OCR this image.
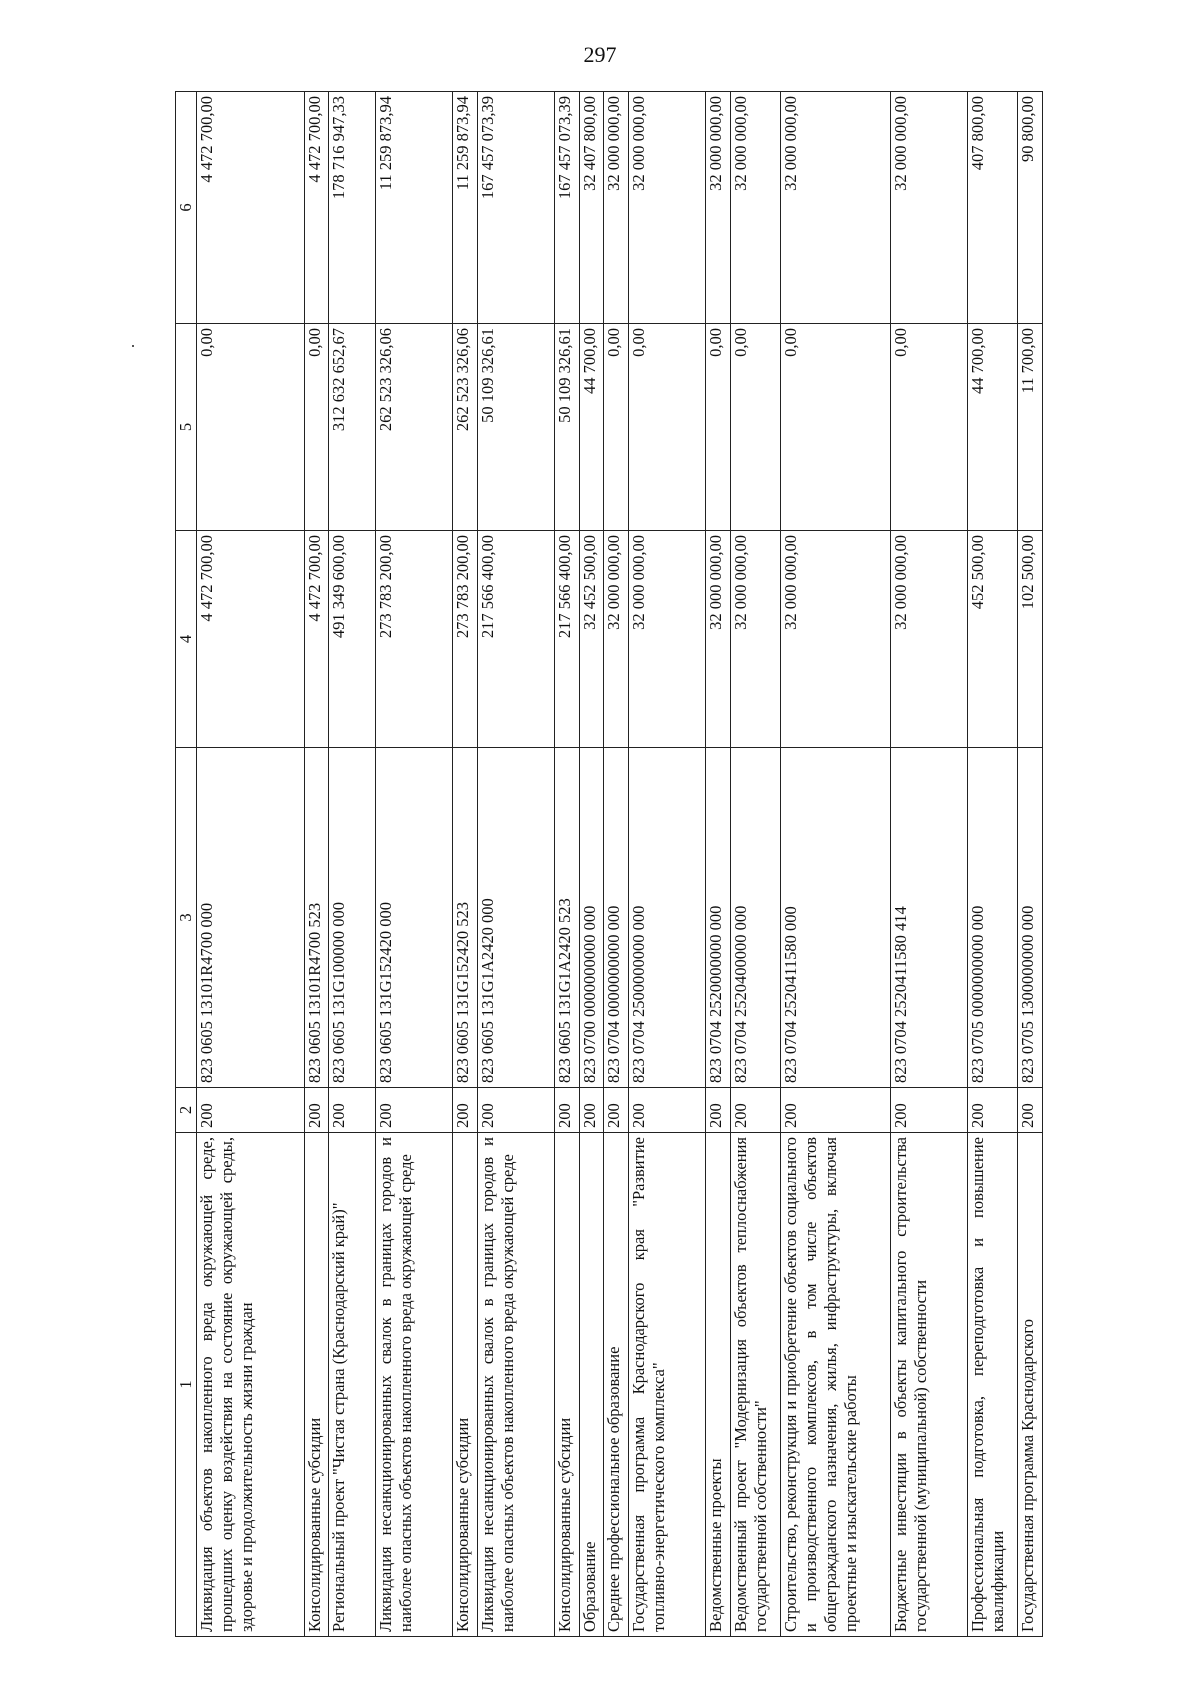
297
1	2	3	4	5	6
Ликвидация объектов накопленного вреда окружающей среде, прошедших оценку воздействия на состояние окружающей среды, здоровье и продолжительность жизни граждан	200	823 0605 13101R4700 000	4 472 700,00	0,00	4 472 700,00
Консолидированные субсидии	200	823 0605 13101R4700 523	4 472 700,00	0,00	4 472 700,00
Региональный проект "Чистая страна (Краснодарский край)"	200	823 0605 131G100000 000	491 349 600,00	312 632 652,67	178 716 947,33
Ликвидация несанкционированных свалок в границах городов и наиболее опасных объектов накопленного вреда окружающей среде	200	823 0605 131G152420 000	273 783 200,00	262 523 326,06	11 259 873,94
Консолидированные субсидии	200	823 0605 131G152420 523	273 783 200,00	262 523 326,06	11 259 873,94
Ликвидация несанкционированных свалок в границах городов и наиболее опасных объектов накопленного вреда окружающей среде	200	823 0605 131G1A2420 000	217 566 400,00	50 109 326,61	167 457 073,39
Консолидированные субсидии	200	823 0605 131G1A2420 523	217 566 400,00	50 109 326,61	167 457 073,39
Образование	200	823 0700 0000000000 000	32 452 500,00	44 700,00	32 407 800,00
Среднее профессиональное образование	200	823 0704 0000000000 000	32 000 000,00	0,00	32 000 000,00
Государственная программа Краснодарского края "Развитие топливно-энергетического комплекса"	200	823 0704 2500000000 000	32 000 000,00	0,00	32 000 000,00
Ведомственные проекты	200	823 0704 2520000000 000	32 000 000,00	0,00	32 000 000,00
Ведомственный проект "Модернизация объектов теплоснабжения государственной собственности"	200	823 0704 2520400000 000	32 000 000,00	0,00	32 000 000,00
Строительство, реконструкция и приобретение объектов социального и производственного комплексов, в том числе объектов общегражданского назначения, жилья, инфраструктуры, включая проектные и изыскательские работы	200	823 0704 2520411580 000	32 000 000,00	0,00	32 000 000,00
Бюджетные инвестиции в объекты капитального строительства государственной (муниципальной) собственности	200	823 0704 2520411580 414	32 000 000,00	0,00	32 000 000,00
Профессиональная подготовка, переподготовка и повышение квалификации	200	823 0705 0000000000 000	452 500,00	44 700,00	407 800,00
Государственная программа Краснодарского	200	823 0705 1300000000 000	102 500,00	11 700,00	90 800,00
